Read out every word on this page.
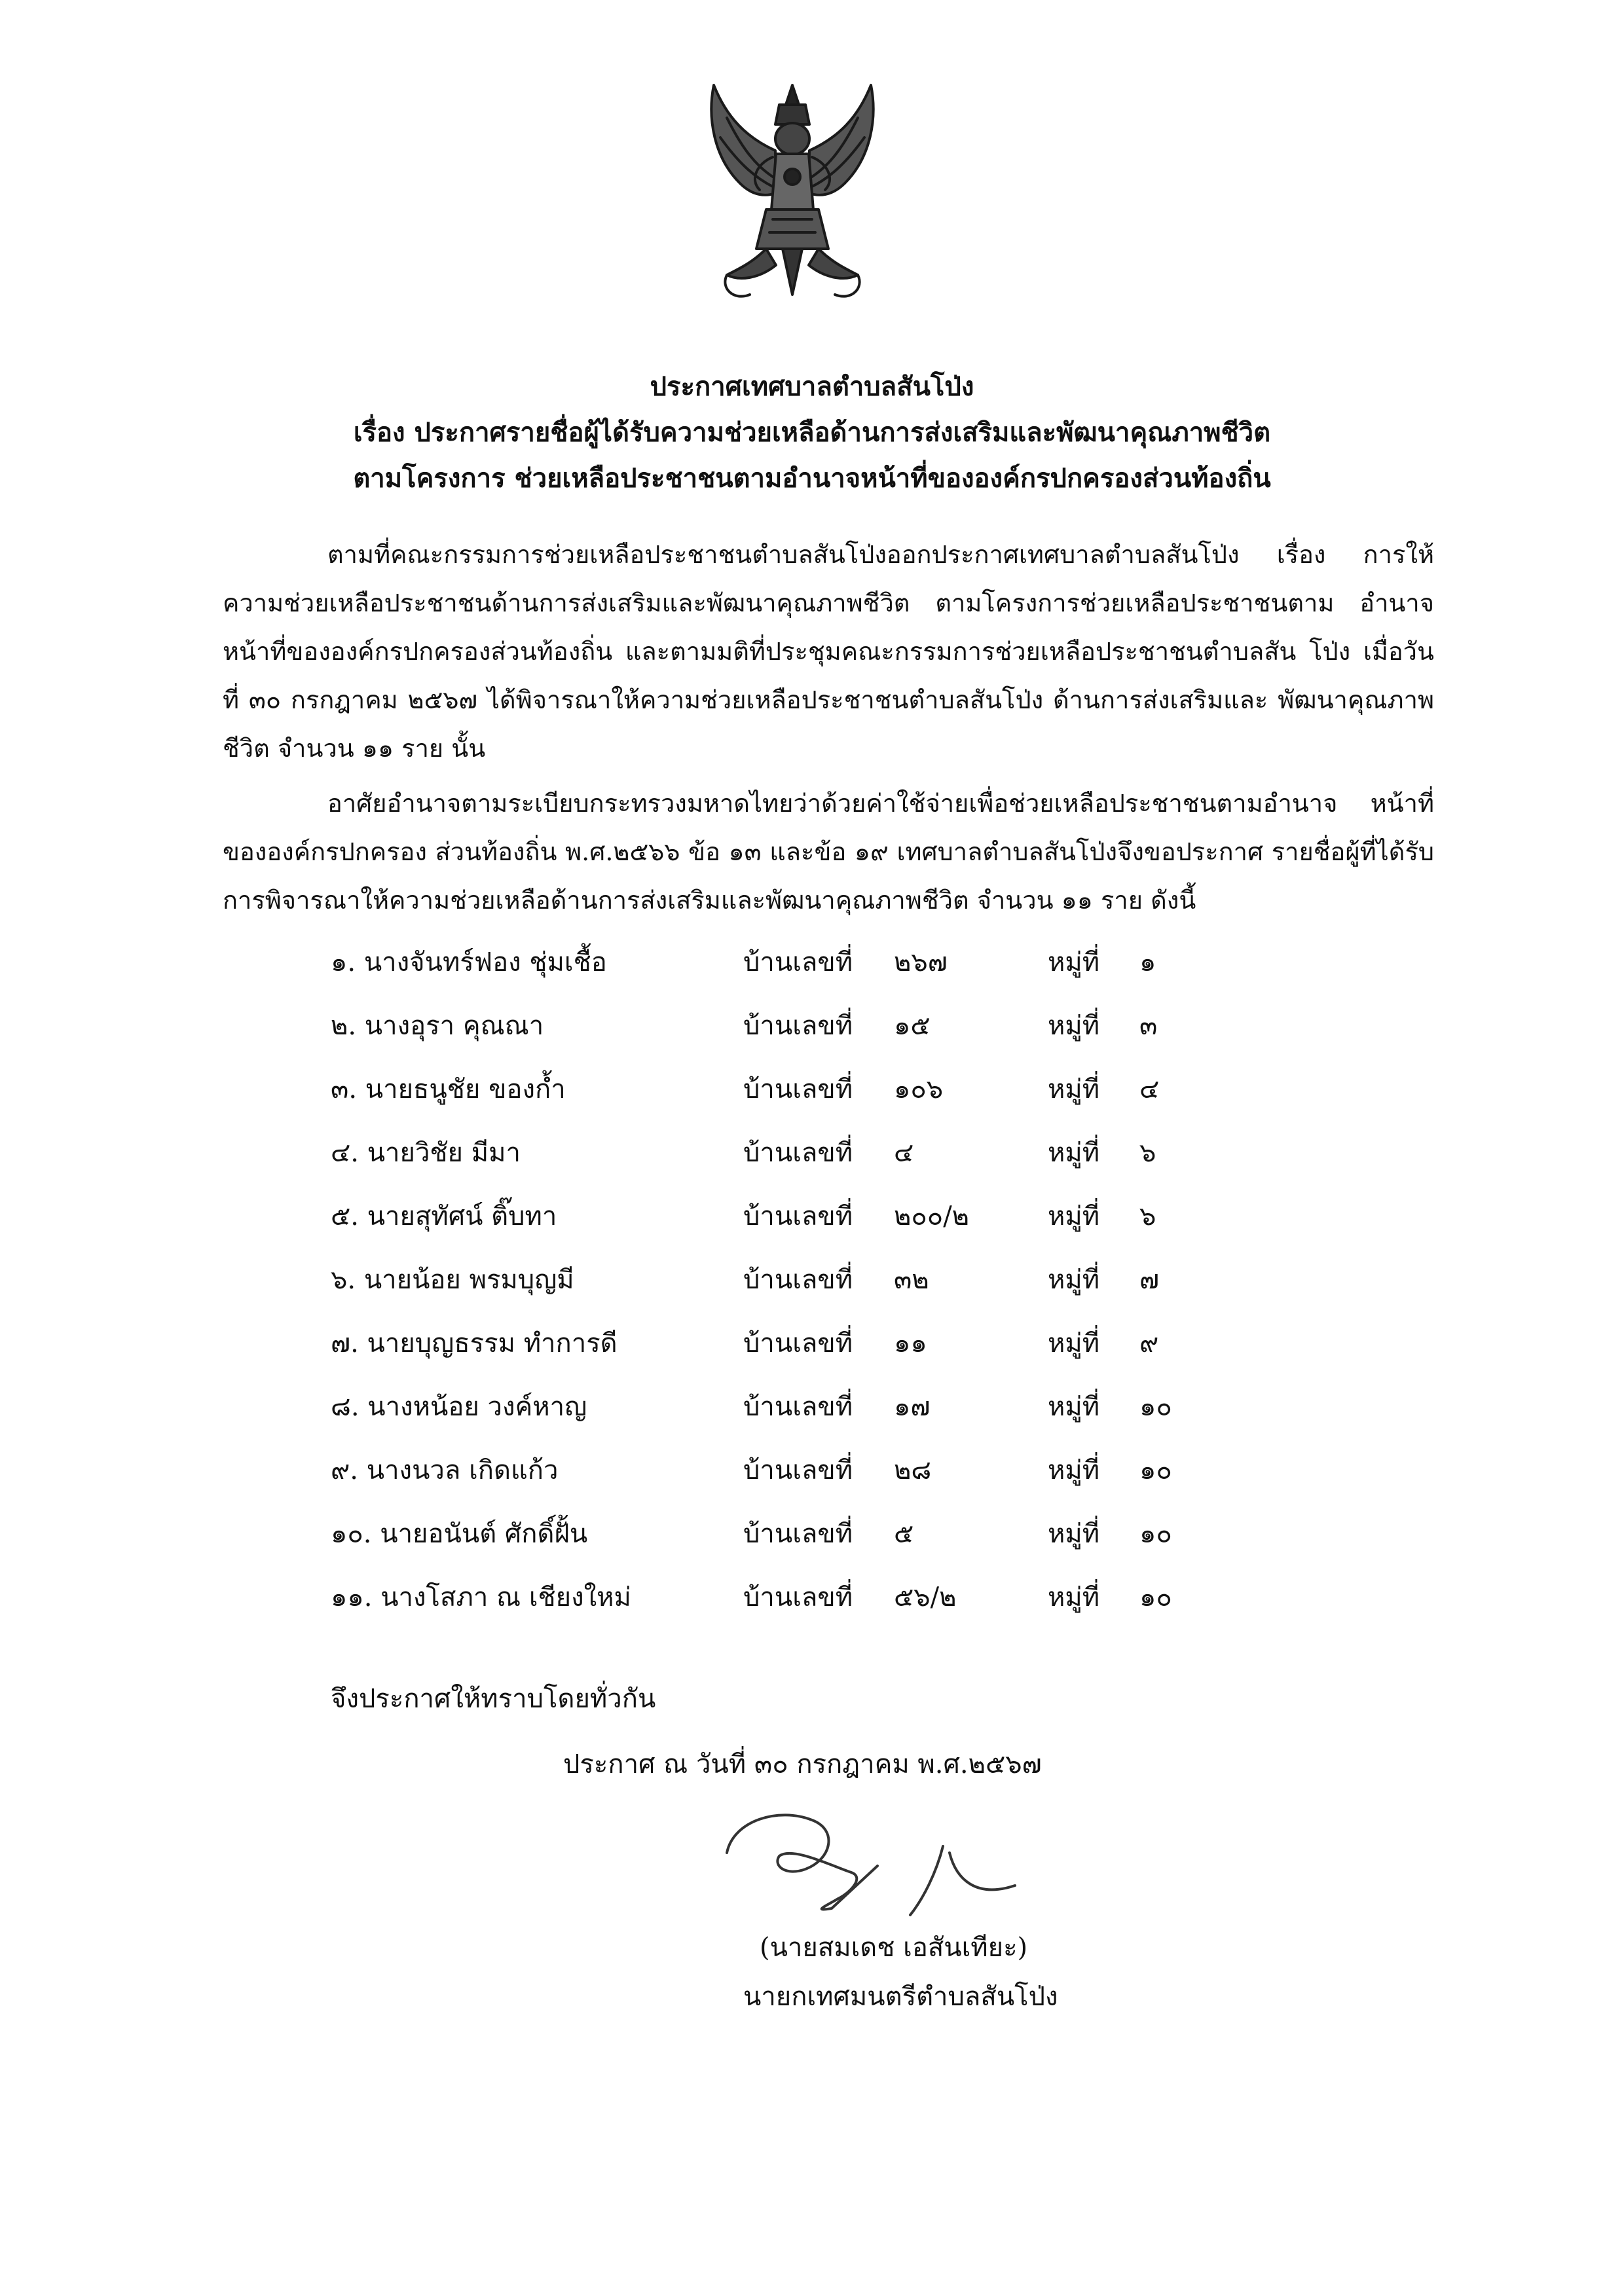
ประกาศเทศบาลตำบลสันโป่ง
เรื่อง ประกาศรายชื่อผู้ได้รับความช่วยเหลือด้านการส่งเสริมและพัฒนาคุณภาพชีวิต
ตามโครงการ ช่วยเหลือประชาชนตามอำนาจหน้าที่ขององค์กรปกครองส่วนท้องถิ่น
ตามที่คณะกรรมการช่วยเหลือประชาชนตำบลสันโป่งออกประกาศเทศบาลตำบลสันโป่ง เรื่อง การให้ความช่วยเหลือประชาชนด้านการส่งเสริมและพัฒนาคุณภาพชีวิต ตามโครงการช่วยเหลือประชาชนตาม อำนาจหน้าที่ขององค์กรปกครองส่วนท้องถิ่น และตามมติที่ประชุมคณะกรรมการช่วยเหลือประชาชนตำบลสัน โป่ง เมื่อวันที่ ๓๐ กรกฎาคม ๒๕๖๗ ได้พิจารณาให้ความช่วยเหลือประชาชนตำบลสันโป่ง ด้านการส่งเสริมและ พัฒนาคุณภาพชีวิต จำนวน ๑๑ ราย นั้น
อาศัยอำนาจตามระเบียบกระทรวงมหาดไทยว่าด้วยค่าใช้จ่ายเพื่อช่วยเหลือประชาชนตามอำนาจ หน้าที่ขององค์กรปกครอง ส่วนท้องถิ่น พ.ศ.๒๕๖๖ ข้อ ๑๓ และข้อ ๑๙ เทศบาลตำบลสันโป่งจึงขอประกาศ รายชื่อผู้ที่ได้รับการพิจารณาให้ความช่วยเหลือด้านการส่งเสริมและพัฒนาคุณภาพชีวิต จำนวน ๑๑ ราย ดังนี้
๑. นางจันทร์ฟอง ชุ่มเชื้อ	บ้านเลขที่ ๒๖๗	หมู่ที่ ๑
๒. นางอุรา คุณณา	บ้านเลขที่ ๑๕	หมู่ที่ ๓
๓. นายธนูชัย ของก้ำ	บ้านเลขที่ ๑๐๖	หมู่ที่ ๔
๔. นายวิชัย มีมา	บ้านเลขที่ ๔	หมู่ที่ ๖
๕. นายสุทัศน์ ติ๊บทา	บ้านเลขที่ ๒๐๐/๒	หมู่ที่ ๖
๖. นายน้อย พรมบุญมี	บ้านเลขที่ ๓๒	หมู่ที่ ๗
๗. นายบุญธรรม ทำการดี	บ้านเลขที่ ๑๑	หมู่ที่ ๙
๘. นางหน้อย วงค์หาญ	บ้านเลขที่ ๑๗	หมู่ที่ ๑๐
๙. นางนวล เกิดแก้ว	บ้านเลขที่ ๒๘	หมู่ที่ ๑๐
๑๐. นายอนันต์ ศักดิ์ฝั้น	บ้านเลขที่ ๕	หมู่ที่ ๑๐
๑๑. นางโสภา ณ เชียงใหม่	บ้านเลขที่ ๕๖/๒	หมู่ที่ ๑๐
จึงประกาศให้ทราบโดยทั่วกัน
ประกาศ ณ วันที่ ๓๐ กรกฎาคม พ.ศ.๒๕๖๗
(นายสมเดช เอสันเทียะ)
นายกเทศมนตรีตำบลสันโป่ง
